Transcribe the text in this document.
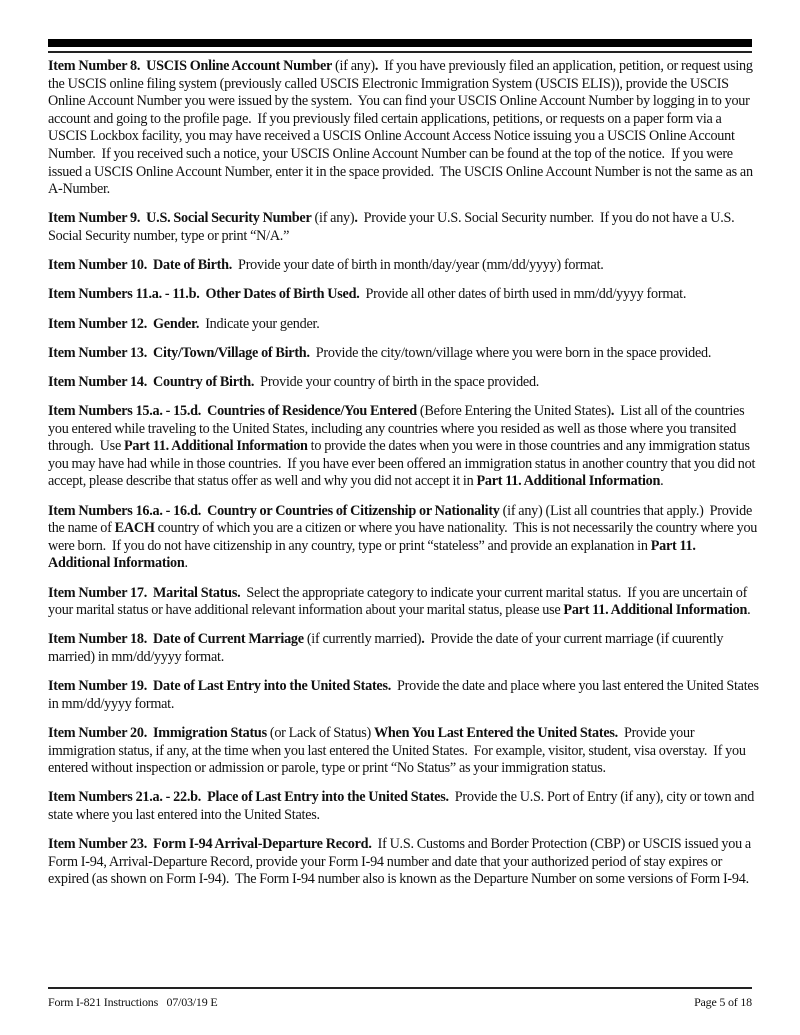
Item Number 8.  USCIS Online Account Number (if any).  If you have previously filed an application, petition, or request using the USCIS online filing system (previously called USCIS Electronic Immigration System (USCIS ELIS)), provide the USCIS Online Account Number you were issued by the system.  You can find your USCIS Online Account Number by logging in to your account and going to the profile page.  If you previously filed certain applications, petitions, or requests on a paper form via a USCIS Lockbox facility, you may have received a USCIS Online Account Access Notice issuing you a USCIS Online Account Number.  If you received such a notice, your USCIS Online Account Number can be found at the top of the notice.  If you were issued a USCIS Online Account Number, enter it in the space provided.  The USCIS Online Account Number is not the same as an A-Number.

Item Number 9.  U.S. Social Security Number (if any).  Provide your U.S. Social Security number.  If you do not have a U.S. Social Security number, type or print “N/A.”

Item Number 10.  Date of Birth.  Provide your date of birth in month/day/year (mm/dd/yyyy) format.

Item Numbers 11.a. - 11.b.  Other Dates of Birth Used.  Provide all other dates of birth used in mm/dd/yyyy format.

Item Number 12.  Gender.  Indicate your gender.

Item Number 13.  City/Town/Village of Birth.  Provide the city/town/village where you were born in the space provided.

Item Number 14.  Country of Birth.  Provide your country of birth in the space provided.

Item Numbers 15.a. - 15.d.  Countries of Residence/You Entered (Before Entering the United States).  List all of the countries you entered while traveling to the United States, including any countries where you resided as well as those where you transited through.  Use Part 11. Additional Information to provide the dates when you were in those countries and any immigration status you may have had while in those countries.  If you have ever been offered an immigration status in another country that you did not accept, please describe that status offer as well and why you did not accept it in Part 11. Additional Information.

Item Numbers 16.a. - 16.d.  Country or Countries of Citizenship or Nationality (if any) (List all countries that apply.)  Provide the name of EACH country of which you are a citizen or where you have nationality.  This is not necessarily the country where you were born.  If you do not have citizenship in any country, type or print “stateless” and provide an explanation in Part 11. Additional Information.

Item Number 17.  Marital Status.  Select the appropriate category to indicate your current marital status.  If you are uncertain of your marital status or have additional relevant information about your marital status, please use Part 11. Additional Information.

Item Number 18.  Date of Current Marriage (if currently married).  Provide the date of your current marriage (if cuurently married) in mm/dd/yyyy format.

Item Number 19.  Date of Last Entry into the United States.  Provide the date and place where you last entered the United States in mm/dd/yyyy format.

Item Number 20.  Immigration Status (or Lack of Status) When You Last Entered the United States.  Provide your immigration status, if any, at the time when you last entered the United States.  For example, visitor, student, visa overstay.  If you entered without inspection or admission or parole, type or print “No Status” as your immigration status.

Item Numbers 21.a. - 22.b.  Place of Last Entry into the United States.  Provide the U.S. Port of Entry (if any), city or town and state where you last entered into the United States.

Item Number 23.  Form I-94 Arrival-Departure Record.  If U.S. Customs and Border Protection (CBP) or USCIS issued you a Form I-94, Arrival-Departure Record, provide your Form I-94 number and date that your authorized period of stay expires or expired (as shown on Form I-94).  The Form I-94 number also is known as the Departure Number on some versions of Form I-94.

Form I-821 Instructions   07/03/19 E	Page 5 of 18
